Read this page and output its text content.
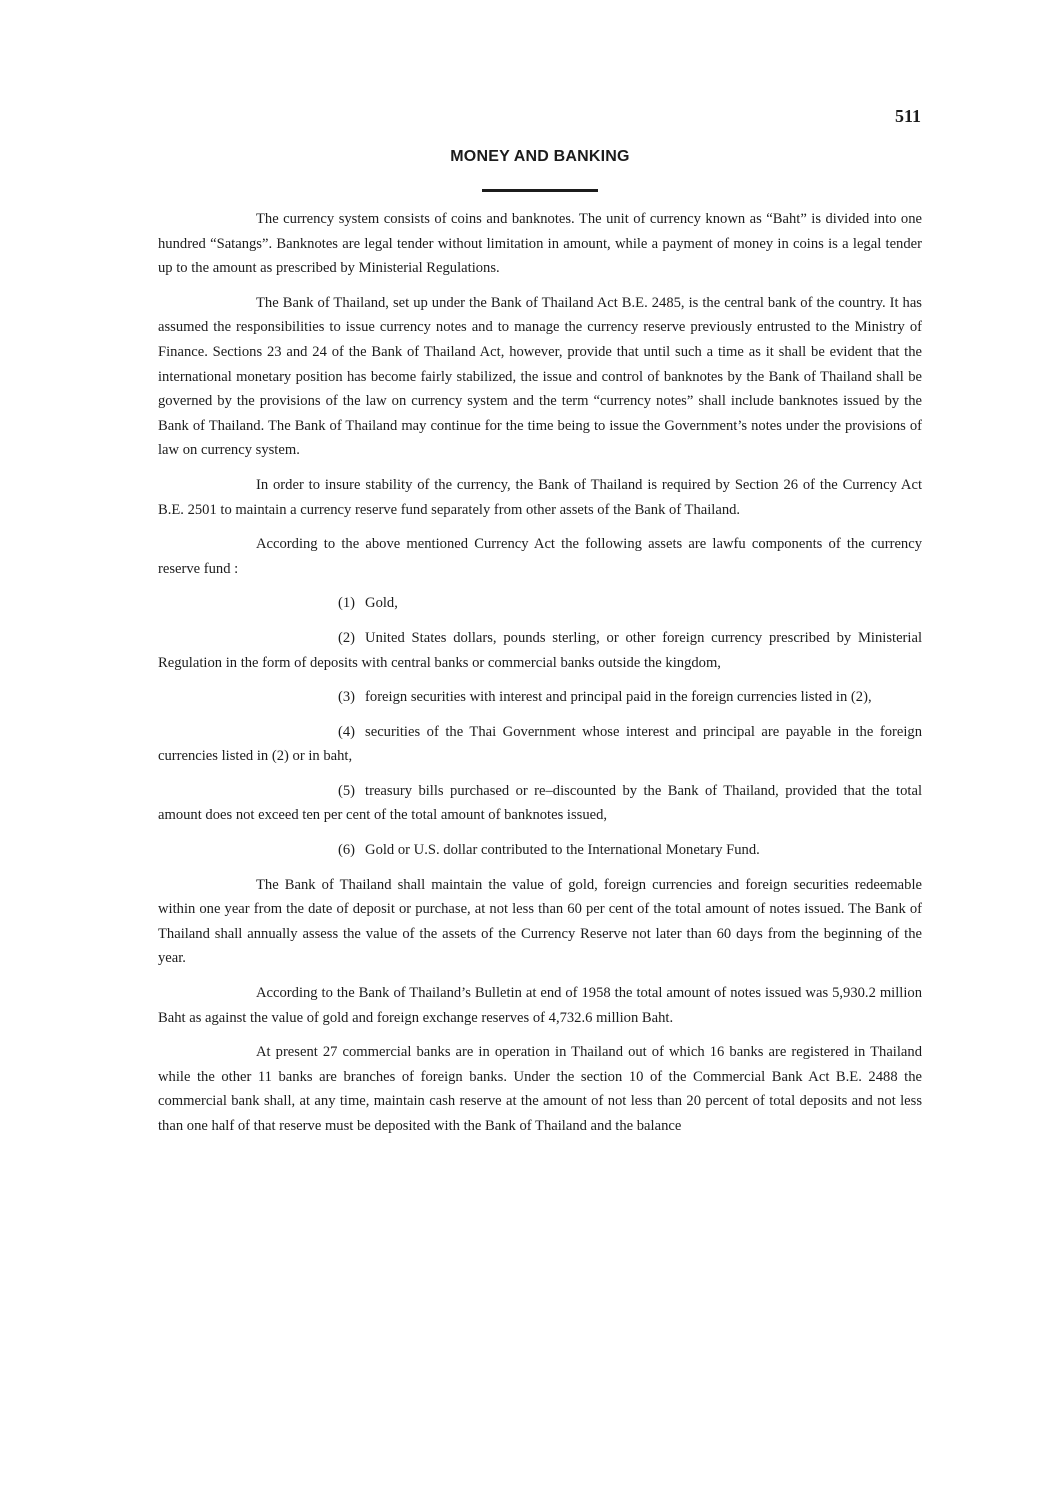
511
MONEY AND BANKING

The currency system consists of coins and banknotes. The unit of currency known as “Baht” is divided into one hundred “Satangs”. Banknotes are legal tender without limitation in amount, while a payment of money in coins is a legal tender up to the amount as prescribed by Ministerial Regulations.

The Bank of Thailand, set up under the Bank of Thailand Act B.E. 2485, is the central bank of the country. It has assumed the responsibilities to issue currency notes and to manage the currency reserve previously entrusted to the Ministry of Finance. Sections 23 and 24 of the Bank of Thailand Act, however, provide that until such a time as it shall be evident that the international monetary position has become fairly stabilized, the issue and control of banknotes by the Bank of Thailand shall be governed by the provisions of the law on currency system and the term “currency notes” shall include banknotes issued by the Bank of Thailand. The Bank of Thailand may continue for the time being to issue the Government’s notes under the provisions of law on currency system.

In order to insure stability of the currency, the Bank of Thailand is required by Section 26 of the Currency Act B.E. 2501 to maintain a currency reserve fund separately from other assets of the Bank of Thailand.

According to the above mentioned Currency Act the following assets are lawfu components of the currency reserve fund :

(1) Gold,

(2) United States dollars, pounds sterling, or other foreign currency prescribed by Ministerial Regulation in the form of deposits with central banks or commercial banks outside the kingdom,

(3) foreign securities with interest and principal paid in the foreign currencies listed in (2),

(4) securities of the Thai Government whose interest and principal are payable in the foreign currencies listed in (2) or in baht,

(5) treasury bills purchased or re–discounted by the Bank of Thailand, provided that the total amount does not exceed ten per cent of the total amount of banknotes issued,

(6) Gold or U.S. dollar contributed to the International Monetary Fund.

The Bank of Thailand shall maintain the value of gold, foreign currencies and foreign securities redeemable within one year from the date of deposit or purchase, at not less than 60 per cent of the total amount of notes issued. The Bank of Thailand shall annually assess the value of the assets of the Currency Reserve not later than 60 days from the beginning of the year.

According to the Bank of Thailand’s Bulletin at end of 1958 the total amount of notes issued was 5,930.2 million Baht as against the value of gold and foreign exchange reserves of 4,732.6 million Baht.

At present 27 commercial banks are in operation in Thailand out of which 16 banks are registered in Thailand while the other 11 banks are branches of foreign banks. Under the section 10 of the Commercial Bank Act B.E. 2488 the commercial bank shall, at any time, maintain cash reserve at the amount of not less than 20 percent of total deposits and not less than one half of that reserve must be deposited with the Bank of Thailand and the balance
